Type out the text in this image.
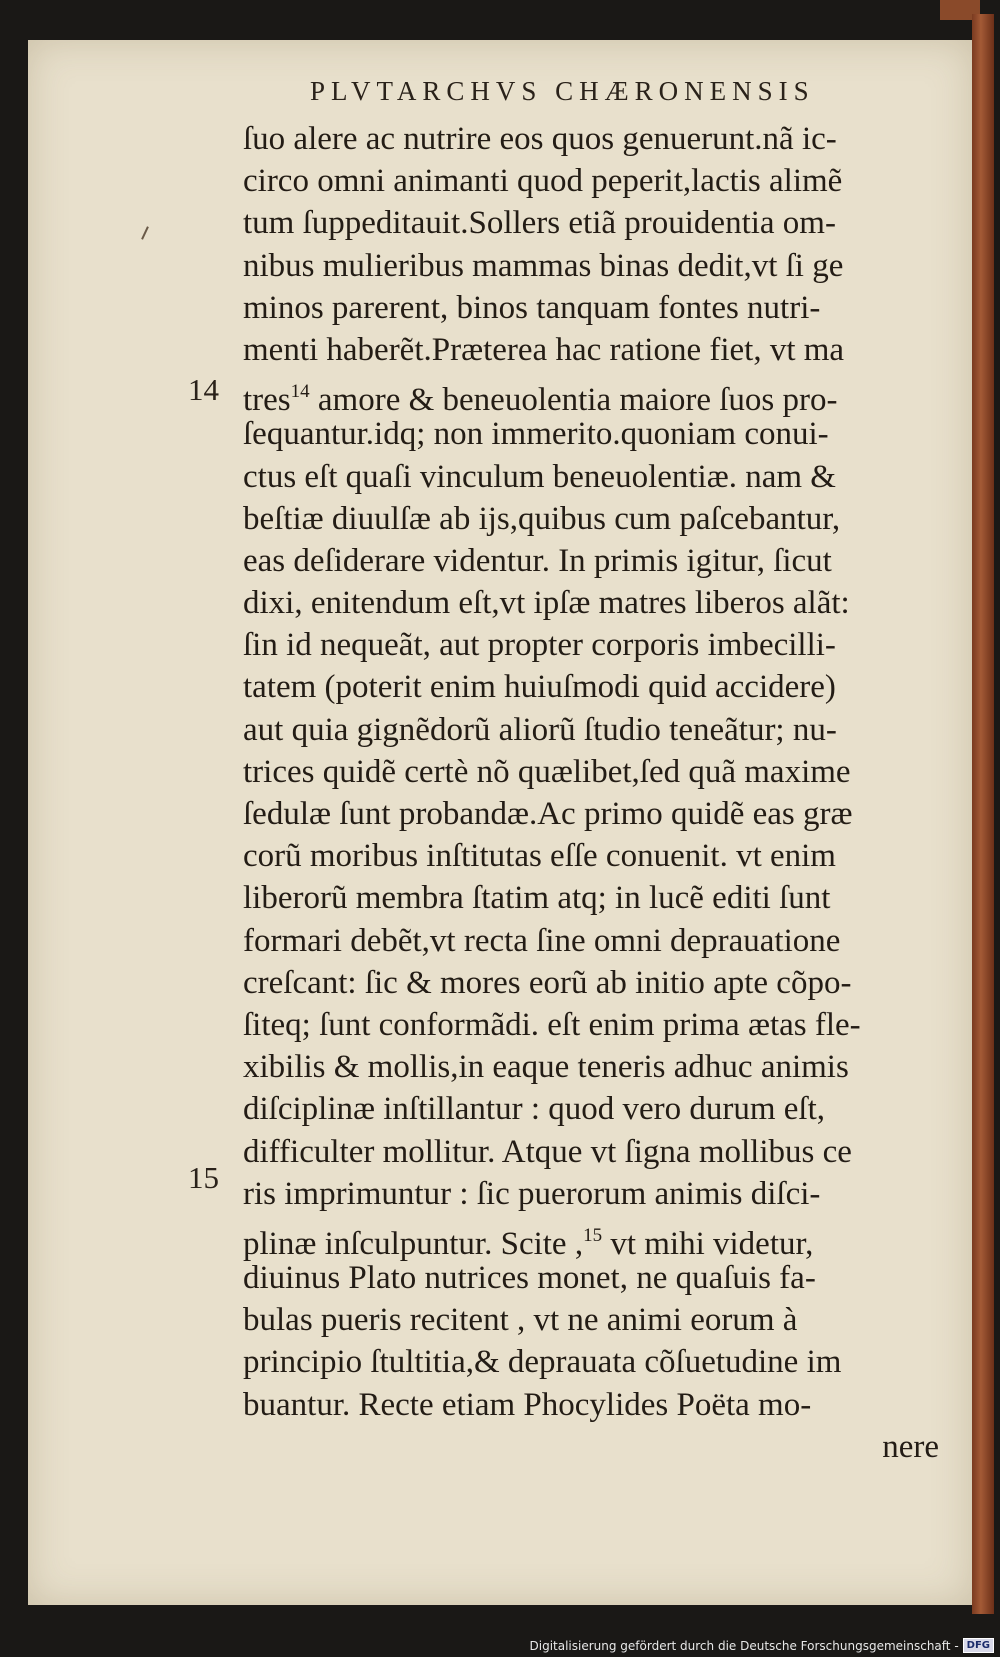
PLVTARCHVS CHÆRONENSIS
14
15
ſuo alere ac nutrire eos quos genuerunt.nã ic-
circo omni animanti quod peperit,lactis alimẽ
tum ſuppeditauit.Sollers etiã prouidentia om-
nibus mulieribus mammas binas dedit,vt ſi ge
minos parerent, binos tanquam fontes nutri-
menti haberẽt.Præterea hac ratione fiet, vt ma
tres$^{14}$ amore & beneuolentia maiore ſuos pro-
ſequantur.idq; non immerito.quoniam conui-
ctus eſt quaſi vinculum beneuolentiæ. nam &
beſtiæ diuulſæ ab ijs,quibus cum paſcebantur,
eas deſiderare videntur. In primis igitur, ſicut
dixi, enitendum eſt,vt ipſæ matres liberos alãt:
ſin id nequeãt, aut propter corporis imbecilli-
tatem (poterit enim huiuſmodi quid accidere)
aut quia gignẽdorũ aliorũ ſtudio teneãtur; nu-
trices quidẽ certè nõ quælibet,ſed quã maxime
ſedulæ ſunt probandæ.Ac primo quidẽ eas græ
corũ moribus inſtitutas eſſe conuenit. vt enim
liberorũ membra ſtatim atq; in lucẽ editi ſunt
formari debẽt,vt recta ſine omni deprauatione
creſcant: ſic & mores eorũ ab initio apte cõpo-
ſiteq; ſunt conformãdi. eſt enim prima ætas fle-
xibilis & mollis,in eaque teneris adhuc animis
diſciplinæ inſtillantur : quod vero durum eſt,
difficulter mollitur. Atque vt ſigna mollibus ce
ris imprimuntur : ſic puerorum animis diſci-
plinæ inſculpuntur. Scite ,$^{15}$ vt mihi videtur,
diuinus Plato nutrices monet, ne quaſuis fa-
bulas pueris recitent , vt ne animi eorum à
principio ſtultitia,& deprauata cõſuetudine im
buantur. Recte etiam Phocylides Poëta mo-
nere
Digitalisierung gefördert durch die Deutsche Forschungsgemeinschaft - DFG
